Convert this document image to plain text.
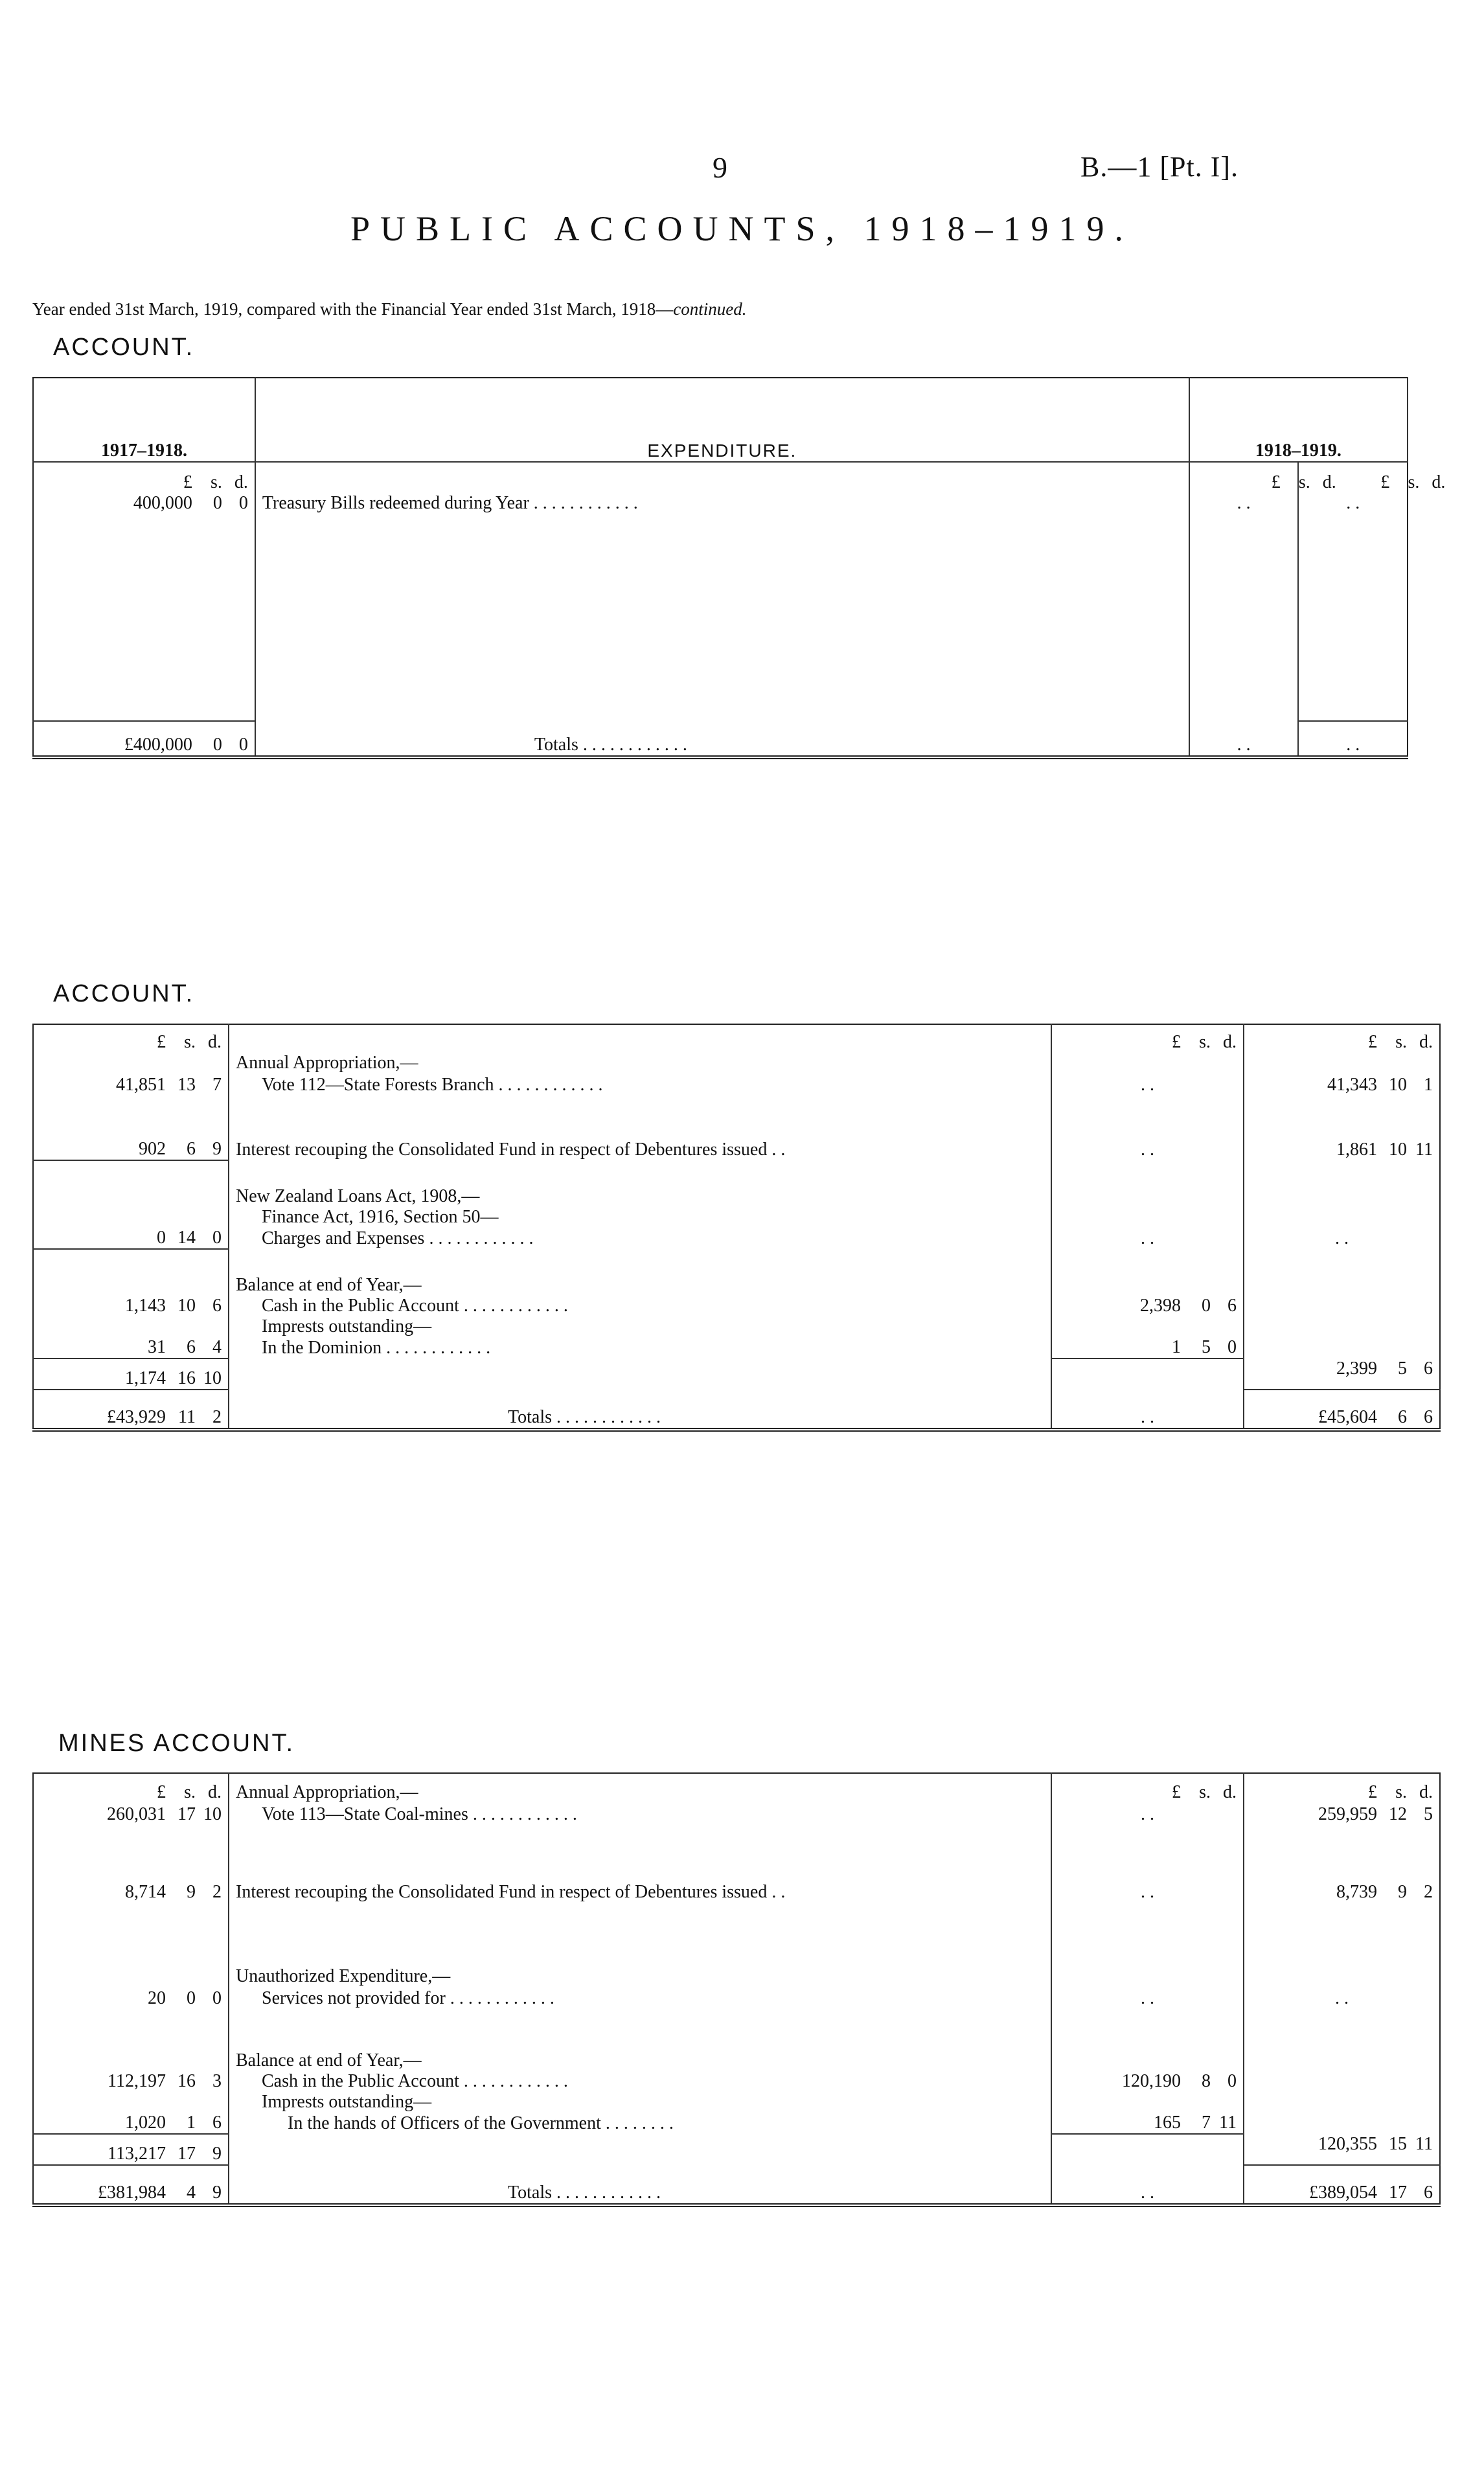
9	B.—1 [Pt. I].
PUBLIC ACCOUNTS, 1918–1919.
Year ended 31st March, 1919, compared with the Financial Year ended 31st March, 1918—continued.
ACCOUNT.
1917–1918.	EXPENDITURE.	1918–1919.	
£ s. d.		£ s. d.	£ s. d.
400,000 0 0	Treasury Bills redeemed during Year . . . . . . . . . . . .	. .	. .

£400,000 0 0	Totals . . . . . . . . . . . .	. .	. .
ACCOUNT.
£ s. d.		£ s. d.	£ s. d.
	Annual Appropriation,—		
41,851 13 7	Vote 112—State Forests Branch . . . . . . . . . . . .	. .	41,343 10 1
902 6 9	Interest recouping the Consolidated Fund in respect of Debentures issued . .	. .	1,861 10 11
	New Zealand Loans Act, 1908,—		
	Finance Act, 1916, Section 50—		
0 14 0	Charges and Expenses . . . . . . . . . . . .	. .	. .
	Balance at end of Year,—		
1,143 10 6	Cash in the Public Account . . . . . . . . . . . .	2,398 0 6	
	Imprests outstanding—		
31 6 4	In the Dominion . . . . . . . . . . . .	1 5 0	
1,174 16 10			2,399 5 6
£43,929 11 2	Totals . . . . . . . . . . . .	. .	£45,604 6 6
MINES ACCOUNT.
£ s. d.	Annual Appropriation,—	£ s. d.	£ s. d.
260,031 17 10	Vote 113—State Coal-mines . . . . . . . . . . . .	. .	259,959 12 5
8,714 9 2	Interest recouping the Consolidated Fund in respect of Debentures issued . .	. .	8,739 9 2
	Unauthorized Expenditure,—		
20 0 0	Services not provided for . . . . . . . . . . . .	. .	. .
	Balance at end of Year,—		
112,197 16 3	Cash in the Public Account . . . . . . . . . . . .	120,190 8 0	
	Imprests outstanding—		
1,020 1 6	In the hands of Officers of the Government . . . . . . . .	165 7 11	
113,217 17 9			120,355 15 11
£381,984 4 9	Totals . . . . . . . . . . . .	. .	£389,054 17 6
